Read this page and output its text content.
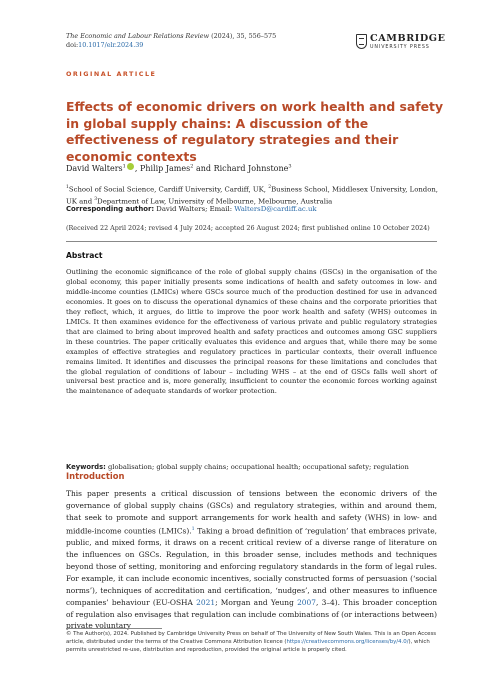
The Economic and Labour Relations Review (2024), 35, 556–575
doi:10.1017/elr.2024.39
CAMBRIDGE
UNIVERSITY PRESS
ORIGINAL ARTICLE
Effects of economic drivers on work health and safety in global supply chains: A discussion of the effectiveness of regulatory strategies and their economic contexts
David Walters$^1$ , Philip James$^2$ and Richard Johnstone$^3$
$^1$School of Social Science, Cardiff University, Cardiff, UK, $^2$Business School, Middlesex University, London, UK and $^3$Department of Law, University of Melbourne, Melbourne, Australia
Corresponding author: David Walters; Email: WaltersD@cardiff.ac.uk
(Received 22 April 2024; revised 4 July 2024; accepted 26 August 2024; first published online 10 October 2024)
Abstract
Outlining the economic significance of the role of global supply chains (GSCs) in the organisation of the global economy, this paper initially presents some indications of health and safety outcomes in low- and middle-income counties (LMICs) where GSCs source much of the production destined for use in advanced economies. It goes on to discuss the operational dynamics of these chains and the corporate priorities that they reflect, which, it argues, do little to improve the poor work health and safety (WHS) outcomes in LMICs. It then examines evidence for the effectiveness of various private and public regulatory strategies that are claimed to bring about improved health and safety practices and outcomes among GSC suppliers in these countries. The paper critically evaluates this evidence and argues that, while there may be some examples of effective strategies and regulatory practices in particular contexts, their overall influence remains limited. It identifies and discusses the principal reasons for these limitations and concludes that the global regulation of conditions of labour – including WHS – at the end of GSCs falls well short of universal best practice and is, more generally, insufficient to counter the economic forces working against the maintenance of adequate standards of worker protection.
Keywords: globalisation; global supply chains; occupational health; occupational safety; regulation
Introduction
This paper presents a critical discussion of tensions between the economic drivers of the governance of global supply chains (GSCs) and regulatory strategies, within and around them, that seek to promote and support arrangements for work health and safety (WHS) in low- and middle-income counties (LMICs).$^1$ Taking a broad definition of ‘regulation’ that embraces private, public, and mixed forms, it draws on a recent critical review of a diverse range of literature on the influences on GSCs. Regulation, in this broader sense, includes methods and techniques beyond those of setting, monitoring and enforcing regulatory standards in the form of legal rules. For example, it can include economic incentives, socially constructed forms of persuasion (‘social norms’), techniques of accreditation and certification, ‘nudges’, and other measures to influence companies’ behaviour (EU-OSHA 2021; Morgan and Yeung 2007, 3–4). This broader conception of regulation also envisages that regulation can include combinations of (or interactions between) private voluntary
© The Author(s), 2024. Published by Cambridge University Press on behalf of The University of New South Wales. This is an Open Access article, distributed under the terms of the Creative Commons Attribution licence (https://creativecommons.org/licenses/by/4.0/), which permits unrestricted re-use, distribution and reproduction, provided the original article is properly cited.
